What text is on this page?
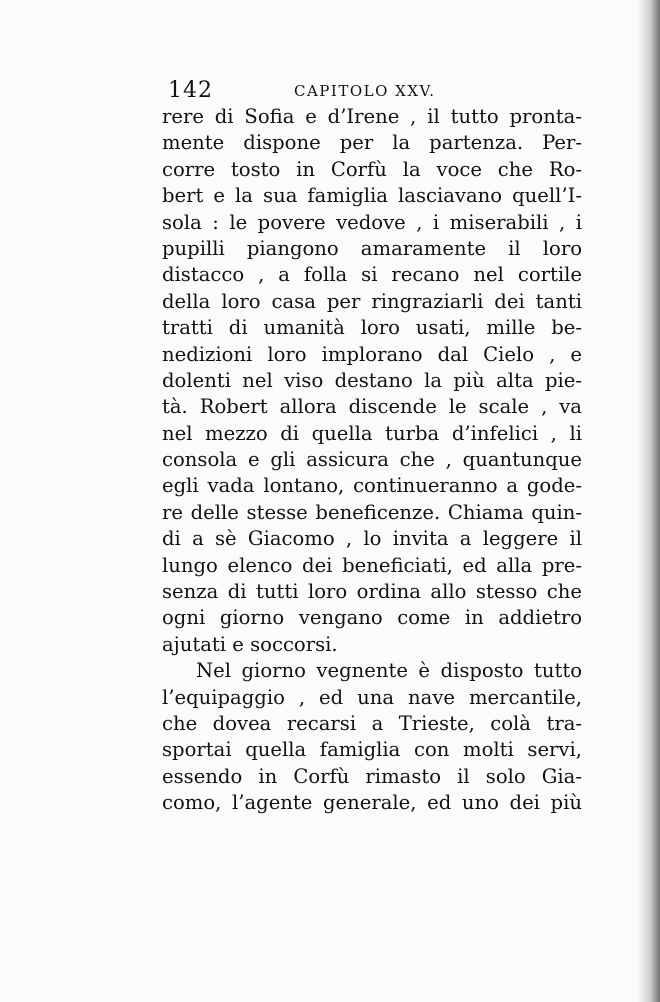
142	CAPITOLO XXV.
rere di Sofia e d’Irene , il tutto pronta-
mente dispone per la partenza. Per-
corre tosto in Corfù la voce che Ro-
bert e la sua famiglia lasciavano quell’I-
sola : le povere vedove , i miserabili , i
pupilli piangono amaramente il loro
distacco , a folla si recano nel cortile
della loro casa per ringraziarli dei tanti
tratti di umanità loro usati, mille be-
nedizioni loro implorano dal Cielo , e
dolenti nel viso destano la più alta pie-
tà. Robert allora discende le scale , va
nel mezzo di quella turba d’infelici , li
consola e gli assicura che , quantunque
egli vada lontano, continueranno a gode-
re delle stesse beneficenze. Chiama quin-
di a sè Giacomo , lo invita a leggere il
lungo elenco dei beneficiati, ed alla pre-
senza di tutti loro ordina allo stesso che
ogni giorno vengano come in addietro
ajutati e soccorsi.
Nel giorno vegnente è disposto tutto
l’equipaggio , ed una nave mercantile,
che dovea recarsi a Trieste, colà tra-
sportai quella famiglia con molti servi,
essendo in Corfù rimasto il solo Gia-
como, l’agente generale, ed uno dei più
